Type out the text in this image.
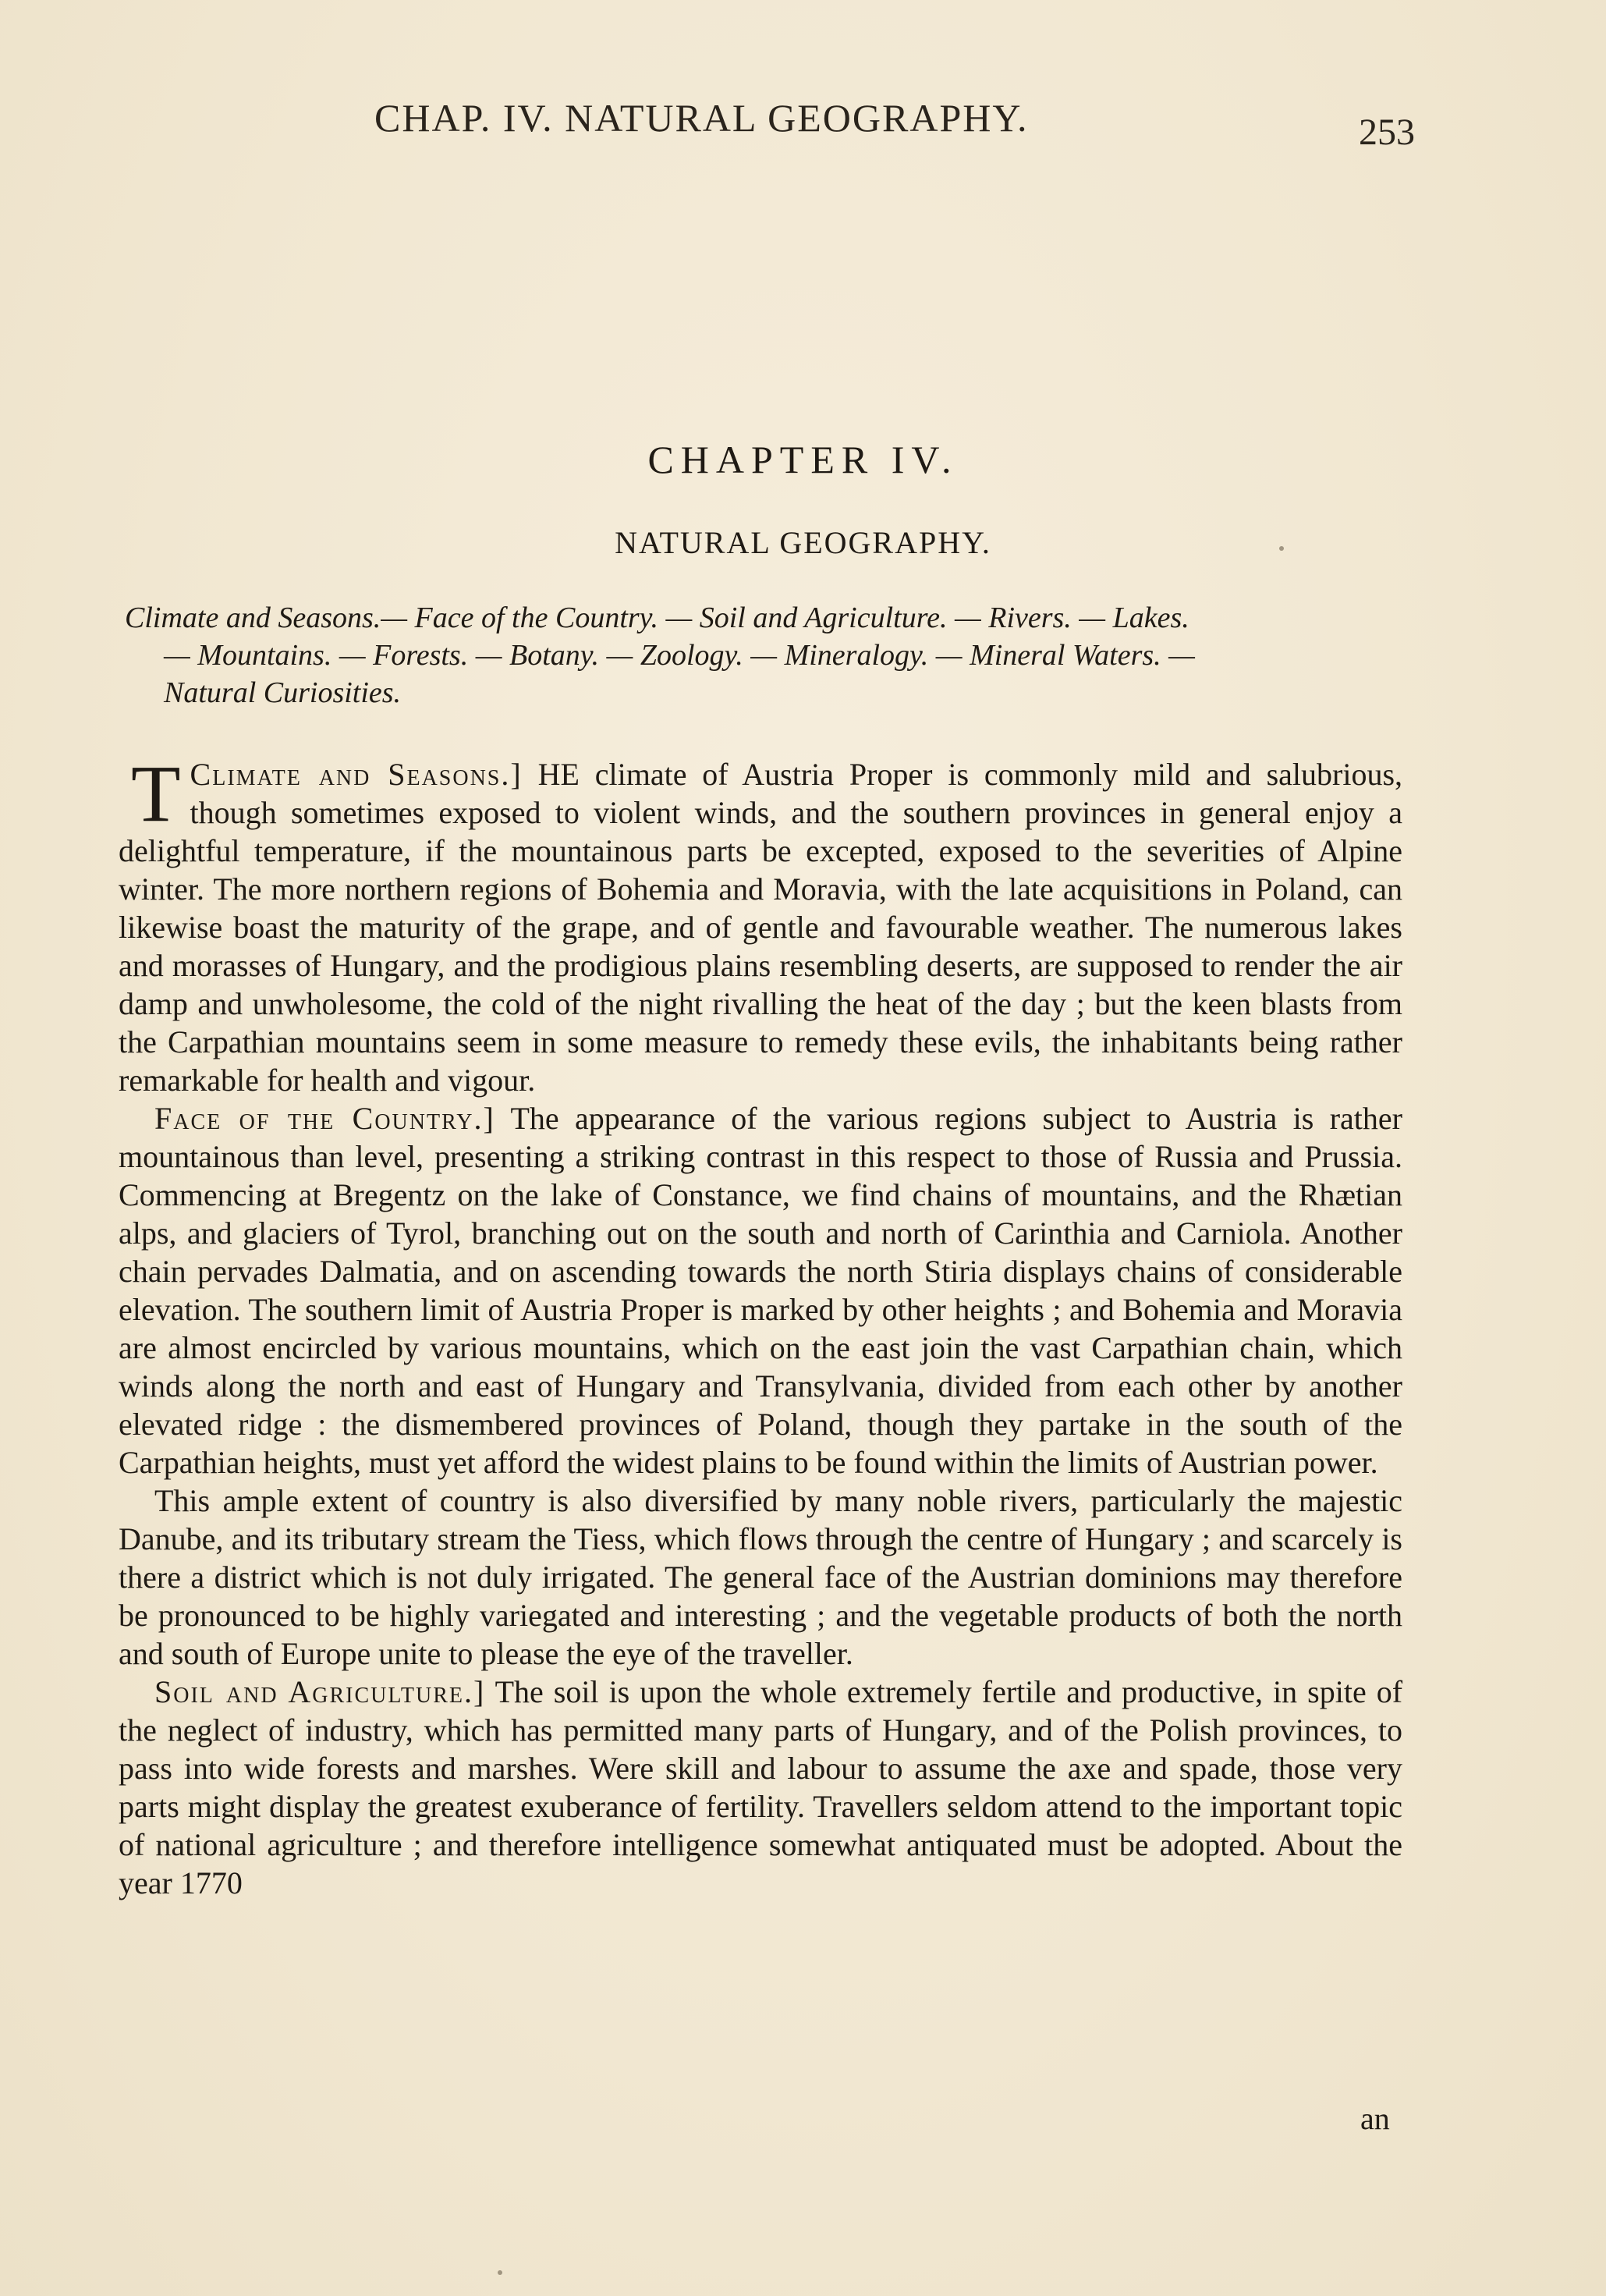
CHAP. IV. NATURAL GEOGRAPHY.	253
CHAPTER IV.
NATURAL GEOGRAPHY.
Climate and Seasons.— Face of the Country. — Soil and Agriculture. — Rivers. — Lakes.
— Mountains. — Forests. — Botany. — Zoology. — Mineralogy. — Mineral Waters. —
Natural Curiosities.

Climate and Seasons.]
T	HE climate of Austria Proper is commonly mild and salubrious, though sometimes exposed to violent winds, and the southern provinces in general enjoy a delightful temperature, if the mountainous parts be excepted, exposed to the severities of Alpine winter. The more northern regions of Bohemia and Moravia, with the late acquisitions in Poland, can likewise boast the maturity of the grape, and of gentle and favourable weather. The numerous lakes and morasses of Hungary, and the prodigious plains resembling deserts, are supposed to render the air damp and unwholesome, the cold of the night rivalling the heat of the day ; but the keen blasts from the Carpathian mountains seem in some measure to remedy these evils, the inhabitants being rather remarkable for health and vigour.

Face of the Country.] The appearance of the various regions subject to Austria is rather mountainous than level, presenting a striking contrast in this respect to those of Russia and Prussia. Commencing at Bregentz on the lake of Constance, we find chains of mountains, and the Rhætian alps, and glaciers of Tyrol, branching out on the south and north of Carinthia and Carniola. Another chain pervades Dalmatia, and on ascending towards the north Stiria displays chains of considerable elevation. The southern limit of Austria Proper is marked by other heights ; and Bohemia and Moravia are almost encircled by various mountains, which on the east join the vast Carpathian chain, which winds along the north and east of Hungary and Transylvania, divided from each other by another elevated ridge : the dismembered provinces of Poland, though they partake in the south of the Carpathian heights, must yet afford the widest plains to be found within the limits of Austrian power.

This ample extent of country is also diversified by many noble rivers, particularly the majestic Danube, and its tributary stream the Tiess, which flows through the centre of Hungary ; and scarcely is there a district which is not duly irrigated. The general face of the Austrian dominions may therefore be pronounced to be highly variegated and interesting ; and the vegetable products of both the north and south of Europe unite to please the eye of the traveller.

Soil and Agriculture.] The soil is upon the whole extremely fertile and productive, in spite of the neglect of industry, which has permitted many parts of Hungary, and of the Polish provinces, to pass into wide forests and marshes. Were skill and labour to assume the axe and spade, those very parts might display the greatest exuberance of fertility. Travellers seldom attend to the important topic of national agriculture ; and therefore intelligence somewhat antiquated must be adopted. About the year 1770

an
